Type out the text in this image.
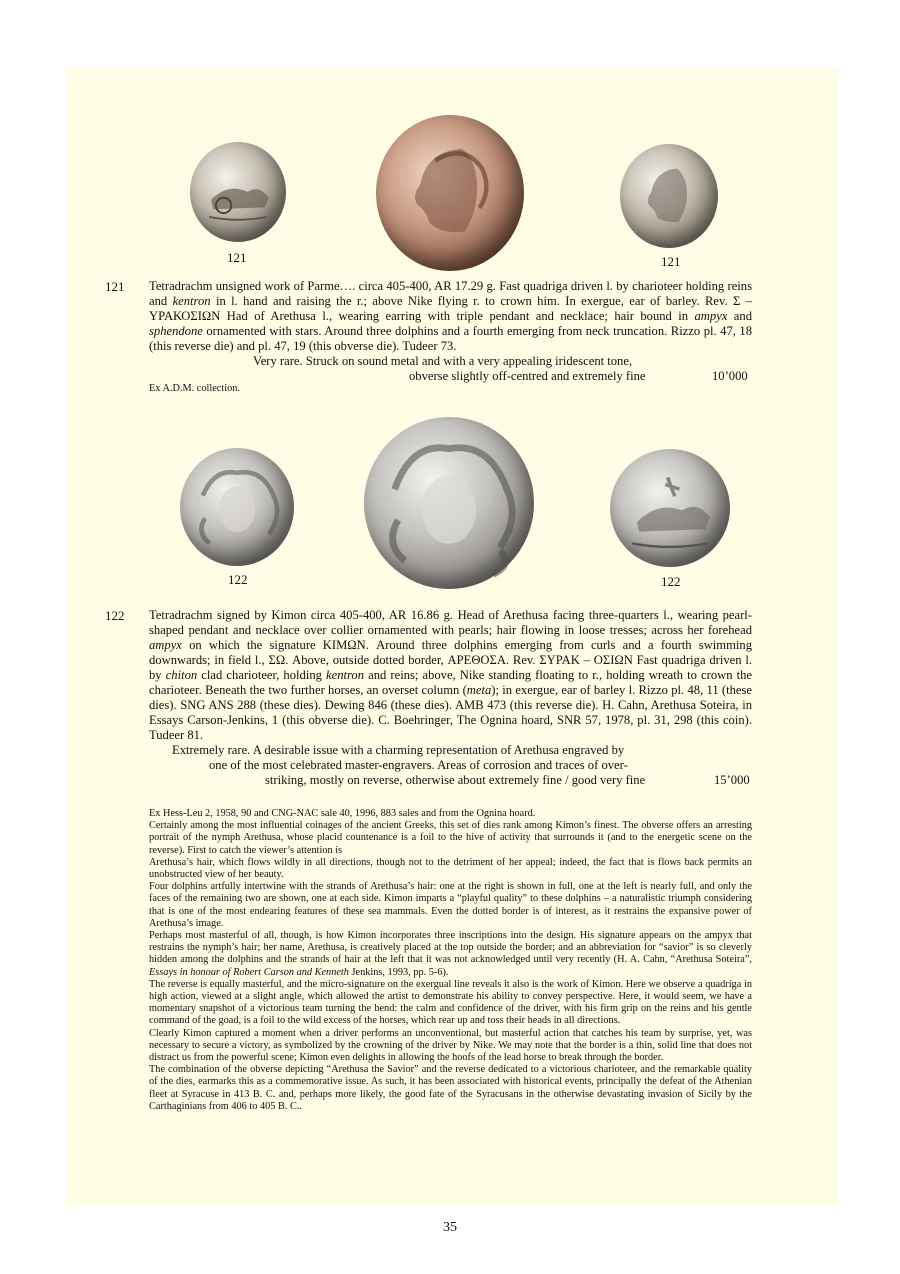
121	121
121 Tetradrachm unsigned work of Parme…. circa 405-400, AR 17.29 g. Fast quadriga driven l. by charioteer holding reins and kentron in l. hand and raising the r.; above Nike flying r. to crown him. In exergue, ear of barley. Rev. Σ – ΥΡΑΚΟΣΙΩΝ Had of Arethusa l., wearing earring with triple pendant and necklace; hair bound in ampyx and sphendone ornamented with stars. Around three dolphins and a fourth emerging from neck truncation. Rizzo pl. 47, 18 (this reverse die) and pl. 47, 19 (this obverse die). Tudeer 73.

Very rare. Struck on sound metal and with a very appealing iridescent tone,

obverse slightly off-centred and extremely fine	10’000
Ex A.D.M. collection.
122	122
122 Tetradrachm signed by Kimon circa 405-400, AR 16.86 g. Head of Arethusa facing three-quarters l., wearing pearl-shaped pendant and necklace over collier ornamented with pearls; hair flowing in loose tresses; across her forehead ampyx on which the signature ΚΙΜΩΝ. Around three dolphins emerging from curls and a fourth swimming downwards; in field l., ΣΩ. Above, outside dotted border, ΑΡΕΘΟΣΑ. Rev. ΣΥΡΑΚ – ΟΣΙΩΝ Fast quadriga driven l. by chiton clad charioteer, holding kentron and reins; above, Nike standing floating to r., holding wreath to crown the charioteer. Beneath the two further horses, an overset column (meta); in exergue, ear of barley l. Rizzo pl. 48, 11 (these dies). SNG ANS 288 (these dies). Dewing 846 (these dies). AMB 473 (this reverse die). H. Cahn, Arethusa Soteira, in Essays Carson-Jenkins, 1 (this obverse die). C. Boehringer, The Ognina hoard, SNR 57, 1978, pl. 31, 298 (this coin). Tudeer 81.

Extremely rare. A desirable issue with a charming representation of Arethusa engraved by

one of the most celebrated master-engravers. Areas of corrosion and traces of over-

striking, mostly on reverse, otherwise about extremely fine / good very fine	15’000

Ex Hess-Leu 2, 1958, 90 and CNG-NAC sale 40, 1996, 883 sales and from the Ognina hoard.

Certainly among the most influential coinages of the ancient Greeks, this set of dies rank among Kimon’s finest. The obverse offers an arresting portrait of the nymph Arethusa, whose placid countenance is a foil to the hive of activity that surrounds it (and to the energetic scene on the reverse). First to catch the viewer’s attention is

Arethusa’s hair, which flows wildly in all directions, though not to the detriment of her appeal; indeed, the fact that is flows back permits an unobstructed view of her beauty.

Four dolphins artfully intertwine with the strands of Arethusa’s hair: one at the right is shown in full, one at the left is nearly full, and only the faces of the remaining two are shown, one at each side. Kimon imparts a “playful quality” to these dolphins – a naturalistic triumph considering that is one of the most endearing features of these sea mammals. Even the dotted border is of interest, as it restrains the expansive power of Arethusa’s image.

Perhaps most masterful of all, though, is how Kimon incorporates three inscriptions into the design. His signature appears on the ampyx that restrains the nymph’s hair; her name, Arethusa, is creatively placed at the top outside the border; and an abbreviation for “savior” is so cleverly hidden among the dolphins and the strands of hair at the left that it was not acknowledged until very recently (H. A. Cahn, “Arethusa Soteira”, Essays in honour of Robert Carson and Kenneth Jenkins, 1993, pp. 5-6).

The reverse is equally masterful, and the micro-signature on the exergual line reveals it also is the work of Kimon. Here we observe a quadriga in high action, viewed at a slight angle, which allowed the artist to demonstrate his ability to convey perspective. Here, it would seem, we have a momentary snapshot of a victorious team turning the bend: the calm and confidence of the driver, with his firm grip on the reins and his gentle command of the goad, is a foil to the wild excess of the horses, which rear up and toss their heads in all directions.

Clearly Kimon captured a moment when a driver performs an unconventional, but masterful action that catches his team by surprise, yet, was necessary to secure a victory, as symbolized by the crowning of the driver by Nike. We may note that the border is a thin, solid line that does not distract us from the powerful scene; Kimon even delights in allowing the hoofs of the lead horse to break through the border.

The combination of the obverse depicting “Arethusa the Savior” and the reverse dedicated to a victorious charioteer, and the remarkable quality of the dies, earmarks this as a commemorative issue. As such, it has been associated with historical events, principally the defeat of the Athenian fleet at Syracuse in 413 B. C. and, perhaps more likely, the good fate of the Syracusans in the otherwise devastating invasion of Sicily by the Carthaginians from 406 to 405 B. C..

35
